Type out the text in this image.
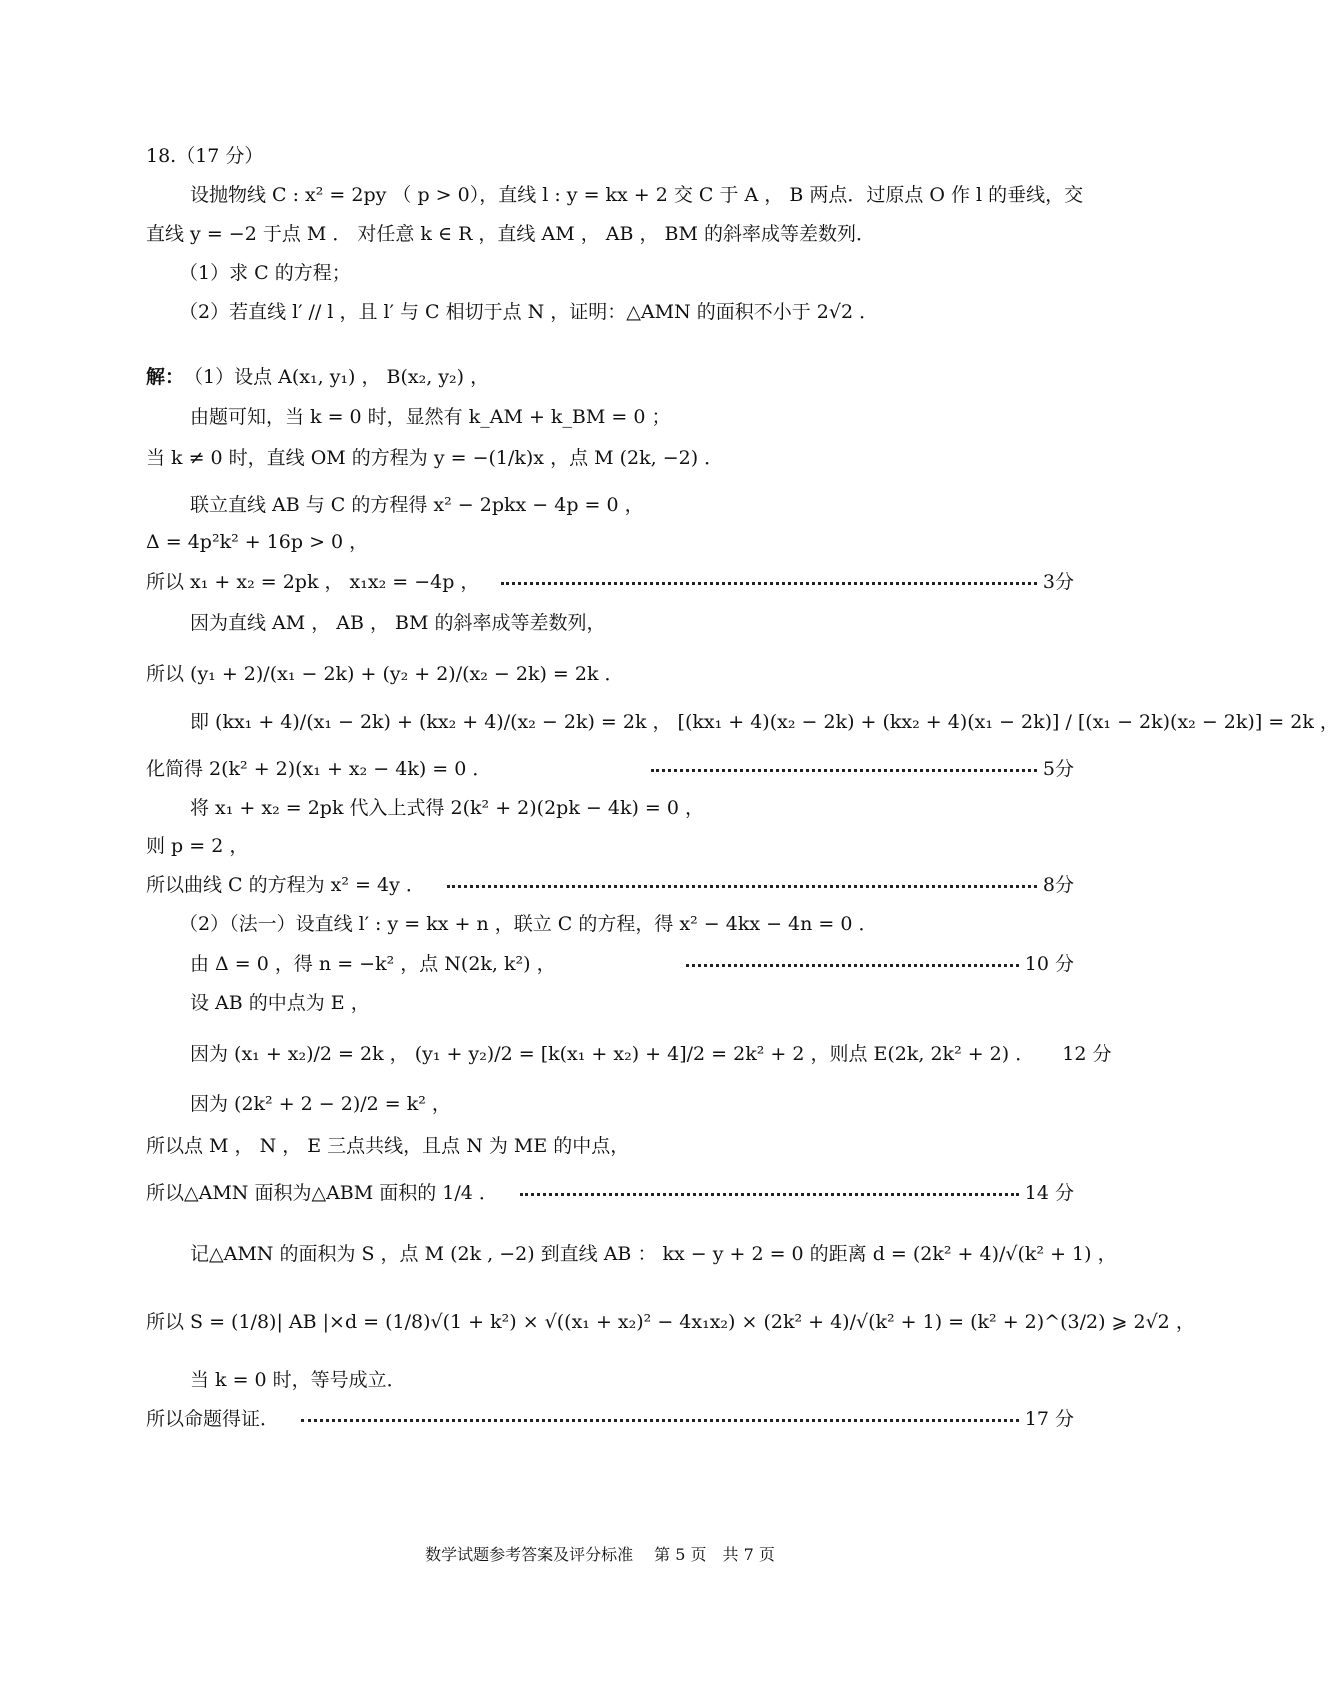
18.（17 分）
设抛物线 C : x² = 2py （ p > 0），直线 l : y = kx + 2 交 C 于 A ， B 两点．过原点 O 作 l 的垂线，交
直线 y = −2 于点 M ． 对任意 k ∈ R ，直线 AM ， AB ， BM 的斜率成等差数列．
（1）求 C 的方程；
（2）若直线 l′ // l ，且 l′ 与 C 相切于点 N ，证明：△AMN 的面积不小于 2√2 ．
解： （1）设点 A(x₁, y₁) ， B(x₂, y₂) ，
由题可知，当 k = 0 时，显然有 k_AM + k_BM = 0 ；
当 k ≠ 0 时，直线 OM 的方程为 y = −(1/k)x ，点 M (2k, −2) ．
联立直线 AB 与 C 的方程得 x² − 2pkx − 4p = 0 ，
Δ = 4p²k² + 16p > 0 ，
所以 x₁ + x₂ = 2pk ， x₁x₂ = −4p ，	3分
因为直线 AM ， AB ， BM 的斜率成等差数列，
所以 (y₁ + 2)/(x₁ − 2k) + (y₂ + 2)/(x₂ − 2k) = 2k ．
即 (kx₁ + 4)/(x₁ − 2k) + (kx₂ + 4)/(x₂ − 2k) = 2k ， [(kx₁ + 4)(x₂ − 2k) + (kx₂ + 4)(x₁ − 2k)] / [(x₁ − 2k)(x₂ − 2k)] = 2k ，
化简得 2(k² + 2)(x₁ + x₂ − 4k) = 0 ．	5分
将 x₁ + x₂ = 2pk 代入上式得 2(k² + 2)(2pk − 4k) = 0 ，
则 p = 2 ，
所以曲线 C 的方程为 x² = 4y ．	8分
（2）（法一）设直线 l′ : y = kx + n ，联立 C 的方程，得 x² − 4kx − 4n = 0 ．
由 Δ = 0 ，得 n = −k² ，点 N(2k, k²) ，	10 分
设 AB 的中点为 E ，
因为 (x₁ + x₂)/2 = 2k ， (y₁ + y₂)/2 = [k(x₁ + x₂) + 4]/2 = 2k² + 2 ，则点 E(2k, 2k² + 2) ． 12 分
因为 (2k² + 2 − 2)/2 = k² ，
所以点 M ， N ， E 三点共线，且点 N 为 ME 的中点，
所以△AMN 面积为△ABM 面积的 1/4 ．	14 分
记△AMN 的面积为 S ，点 M (2k , −2) 到直线 AB ： kx − y + 2 = 0 的距离 d = (2k² + 4)/√(k² + 1) ，
所以 S = (1/8)| AB |×d = (1/8)√(1 + k²) × √((x₁ + x₂)² − 4x₁x₂) × (2k² + 4)/√(k² + 1) = (k² + 2)^(3/2) ⩾ 2√2 ，
当 k = 0 时，等号成立．
所以命题得证．	17 分
数学试题参考答案及评分标准　 第 5 页　共 7 页
